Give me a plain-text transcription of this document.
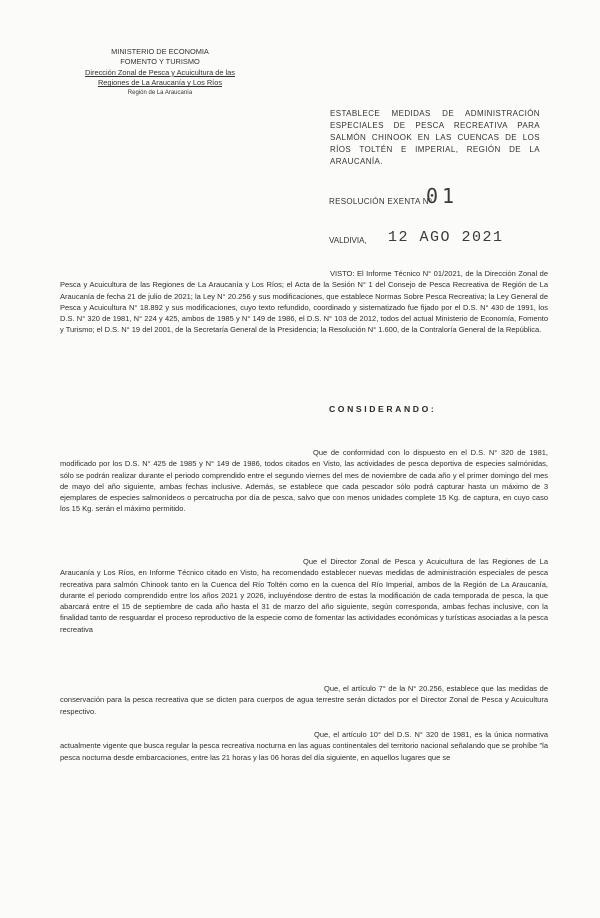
MINISTERIO DE ECONOMIA
FOMENTO Y TURISMO
Dirección Zonal de Pesca y Acuicultura de las
Regiones de La Araucanía y Los Ríos
Región de La Araucanía
ESTABLECE MEDIDAS DE ADMINISTRACIÓN ESPECIALES DE PESCA RECREATIVA PARA SALMÓN CHINOOK EN LAS CUENCAS DE LOS RÍOS TOLTÉN E IMPERIAL, REGIÓN DE LA ARAUCANÍA.
RESOLUCIÓN EXENTA Nº
01
VALDIVIA, 12 AGO 2021
VISTO: El Informe Técnico N° 01/2021, de la Dirección Zonal de Pesca y Acuicultura de las Regiones de La Araucanía y Los Ríos; el Acta de la Sesión N° 1 del Consejo de Pesca Recreativa de Región de La Araucanía de fecha 21 de julio de 2021; la Ley N° 20.256 y sus modificaciones, que establece Normas Sobre Pesca Recreativa; la Ley General de Pesca y Acuicultura N° 18.892 y sus modificaciones, cuyo texto refundido, coordinado y sistematizado fue fijado por el D.S. N° 430 de 1991, los D.S. N° 320 de 1981, N° 224 y 425, ambos de 1985 y N° 149 de 1986, el D.S. N° 103 de 2012, todos del actual Ministerio de Economía, Fomento y Turismo; el D.S. N° 19 del 2001, de la Secretaría General de la Presidencia; la Resolución N° 1.600, de la Contraloría General de la República.
CONSIDERANDO:
Que de conformidad con lo dispuesto en el D.S. N° 320 de 1981, modificado por los D.S. N° 425 de 1985 y N° 149 de 1986, todos citados en Visto, las actividades de pesca deportiva de especies salmónidas, sólo se podrán realizar durante el periodo comprendido entre el segundo viernes del mes de noviembre de cada año y el primer domingo del mes de mayo del año siguiente, ambas fechas inclusive. Además, se establece que cada pescador sólo podrá capturar hasta un máximo de 3 ejemplares de especies salmonídeos o percatrucha por día de pesca, salvo que con menos unidades complete 15 Kg. de captura, en cuyo caso los 15 Kg. serán el máximo permitido.
Que el Director Zonal de Pesca y Acuicultura de las Regiones de La Araucanía y Los Ríos, en Informe Técnico citado en Visto, ha recomendado establecer nuevas medidas de administración especiales de pesca recreativa para salmón Chinook tanto en la Cuenca del Río Toltén como en la cuenca del Río Imperial, ambos de la Región de La Araucanía, durante el periodo comprendido entre los años 2021 y 2026, incluyéndose dentro de estas la modificación de cada temporada de pesca, la que abarcará entre el 15 de septiembre de cada año hasta el 31 de marzo del año siguiente, según corresponda, ambas fechas inclusive, con la finalidad tanto de resguardar el proceso reproductivo de la especie como de fomentar las actividades económicas y turísticas asociadas a la pesca recreativa
Que, el artículo 7° de la N° 20.256, establece que las medidas de conservación para la pesca recreativa que se dicten para cuerpos de agua terrestre serán dictados por el Director Zonal de Pesca y Acuicultura respectivo.
Que, el artículo 10° del D.S. N° 320 de 1981, es la única normativa actualmente vigente que busca regular la pesca recreativa nocturna en las aguas continentales del territorio nacional señalando que se prohíbe "la pesca nocturna desde embarcaciones, entre las 21 horas y las 06 horas del día siguiente, en aquellos lugares que se
